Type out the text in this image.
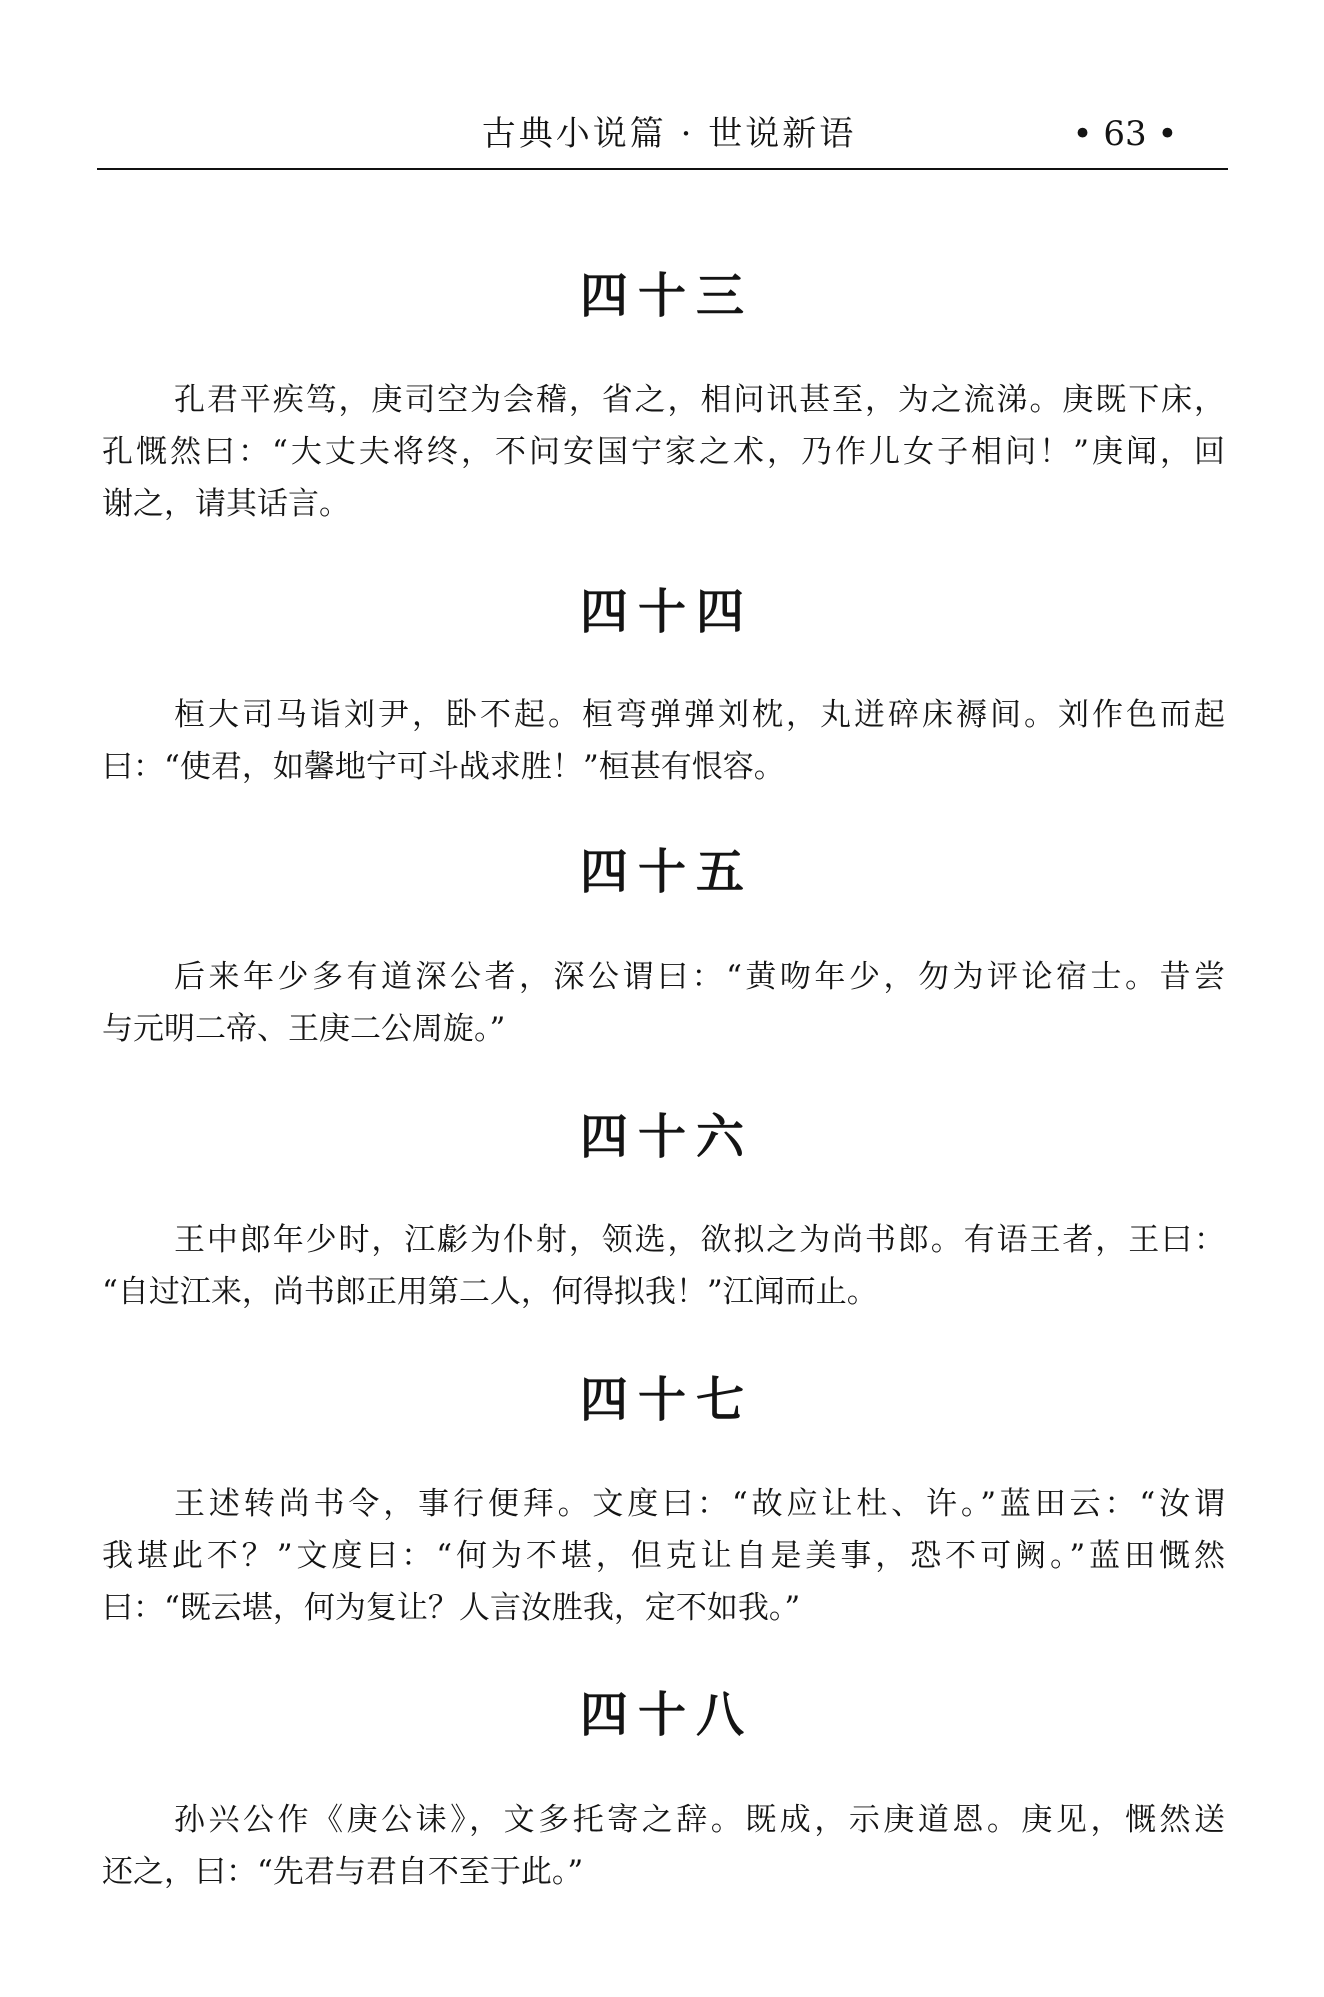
古典小说篇 · 世说新语	• 63 •
四十三
孔君平疾笃，庚司空为会稽，省之，相问讯甚至，为之流涕。庚既下床，
孔慨然曰：“大丈夫将终，不问安国宁家之术，乃作儿女子相问！”庚闻，回
谢之，请其话言。
四十四
桓大司马诣刘尹，卧不起。桓弯弹弹刘枕，丸迸碎床褥间。刘作色而起
曰：“使君，如馨地宁可斗战求胜！”桓甚有恨容。
四十五
后来年少多有道深公者，深公谓曰：“黄吻年少，勿为评论宿士。昔尝
与元明二帝、王庚二公周旋。”
四十六
王中郎年少时，江虨为仆射，领选，欲拟之为尚书郎。有语王者，王曰：
“自过江来，尚书郎正用第二人，何得拟我！”江闻而止。
四十七
王述转尚书令，事行便拜。文度曰：“故应让杜、许。”蓝田云：“汝谓
我堪此不？”文度曰：“何为不堪，但克让自是美事，恐不可阙。”蓝田慨然
曰：“既云堪，何为复让？人言汝胜我，定不如我。”
四十八
孙兴公作《庚公诔》，文多托寄之辞。既成，示庚道恩。庚见，慨然送
还之，曰：“先君与君自不至于此。”
